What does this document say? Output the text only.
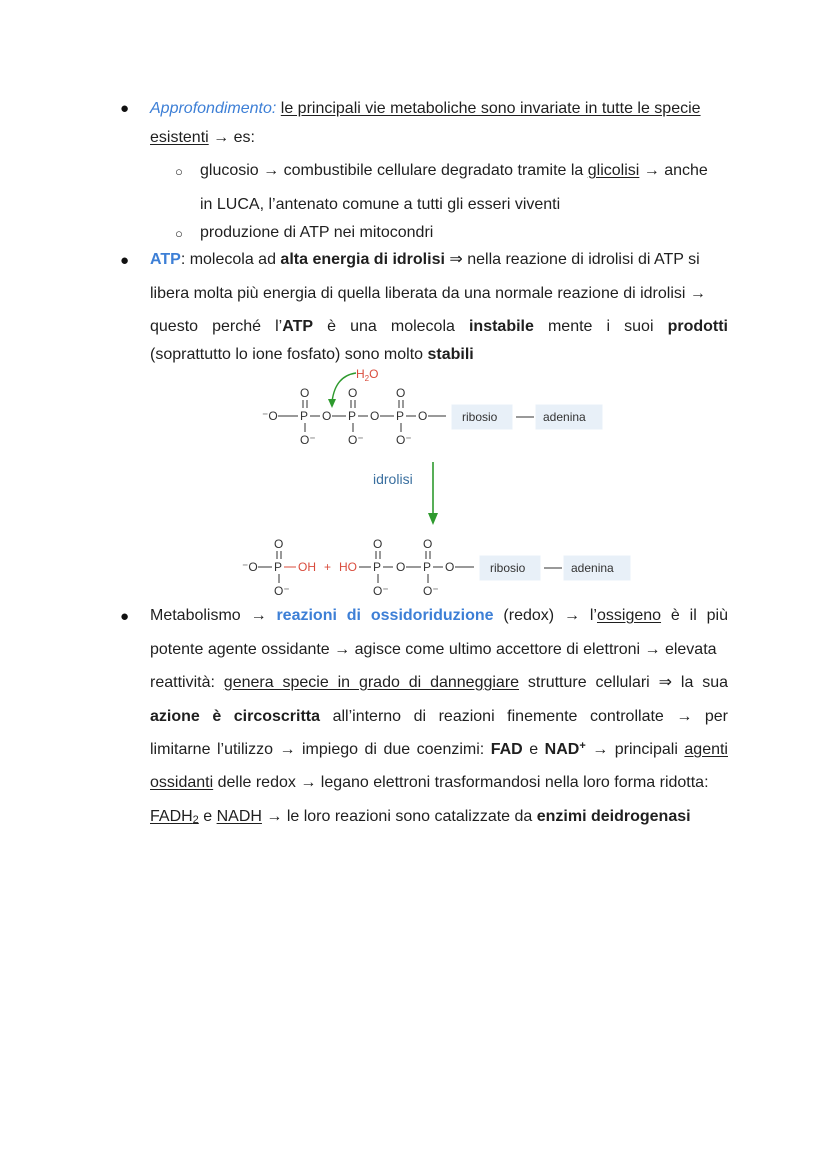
● Approfondimento: le principali vie metaboliche sono invariate in tutte le specie
esistenti → es:
○ glucosio → combustibile cellulare degradato tramite la glicolisi → anche
in LUCA, l’antenato comune a tutti gli esseri viventi
○ produzione di ATP nei mitocondri
● ATP: molecola ad alta energia di idrolisi ⇒ nella reazione di idrolisi di ATP si
libera molta più energia di quella liberata da una normale reazione di idrolisi →
questo perché l’ATP è una molecola instabile mente i suoi prodotti
(soprattutto lo ione fosfato) sono molto stabili
$H_2O$
O	O	O
⁻O P O P O P O
O⁻	O⁻	O⁻
ribosio	adenina
idrolisi
O	O	O
⁻O P OH + HO P O P O
O⁻	O⁻	O⁻
ribosio	adenina
● Metabolismo → reazioni di ossidoriduzione (redox) → l’ossigeno è il più
potente agente ossidante → agisce come ultimo accettore di elettroni → elevata
reattività: genera specie in grado di danneggiare strutture cellulari ⇒ la sua
azione è circoscritta all’interno di reazioni finemente controllate → per
limitarne l’utilizzo → impiego di due coenzimi: FAD e NAD+ → principali agenti
ossidanti delle redox → legano elettroni trasformandosi nella loro forma ridotta:
$FADH_2$ e NADH → le loro reazioni sono catalizzate da enzimi deidrogenasi
